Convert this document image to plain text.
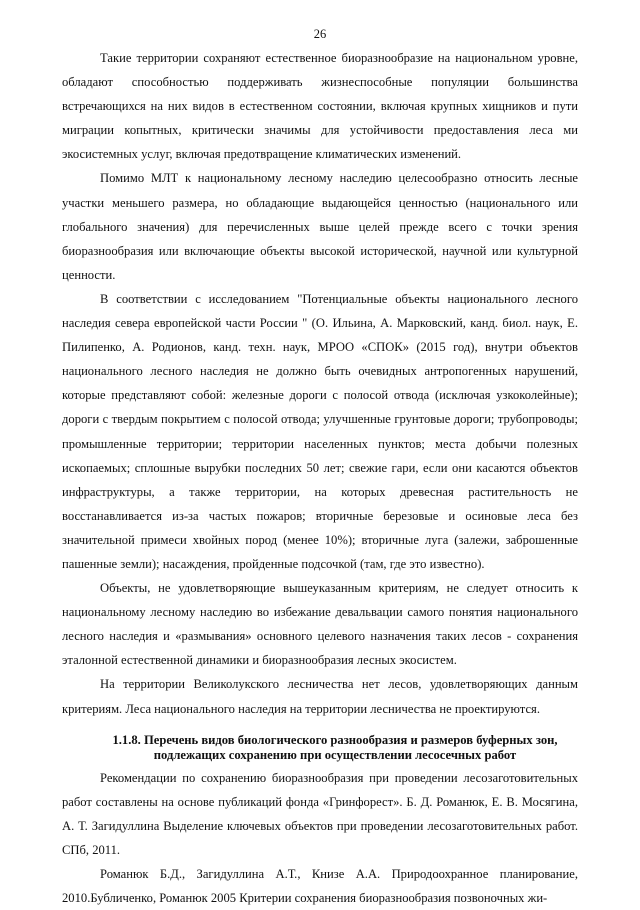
26

Такие территории сохраняют естественное биоразнообразие на национальном уровне, обладают способностью поддерживать жизнеспособные популяции большинства встречающихся на них видов в естественном состоянии, включая крупных хищников и пути миграции копытных, критически значимы для устойчивости предоставления леса ми экосистемных услуг, включая предотвращение климатических изменений.

Помимо МЛТ к национальному лесному наследию целесообразно относить лесные участки меньшего размера, но обладающие выдающейся ценностью (национального или глобального значения) для перечисленных выше целей прежде всего с точки зрения биоразнообразия или включающие объекты высокой исторической, научной или культурной ценности.

В соответствии с исследованием "Потенциальные объекты национального лесного наследия севера европейской части России " (О. Ильина, А. Марковский, канд. биол. наук, Е. Пилипенко, А. Родионов, канд. техн. наук, МРОО «СПОК» (2015 год), внутри объектов национального лесного наследия не должно быть очевидных антропогенных нарушений, которые представляют собой: железные дороги с полосой отвода (исключая узкоколейные); дороги с твердым покрытием с полосой отвода; улучшенные грунтовые дороги; трубопроводы; промышленные территории; территории населенных пунктов; места добычи полезных ископаемых; сплошные вырубки последних 50 лет; свежие гари, если они касаются объектов инфраструктуры, а также территории, на которых древесная растительность не восстанавливается из-за частых пожаров; вторичные березовые и осиновые леса без значительной примеси хвойных пород (менее 10%); вторичные луга (залежи, заброшенные пашенные земли); насаждения, пройденные подсочкой (там, где это известно).

Объекты, не удовлетворяющие вышеуказанным критериям, не следует относить к национальному лесному наследию во избежание девальвации самого понятия национального лесного наследия и «размывания» основного целевого назначения таких лесов - сохранения эталонной естественной динамики и биоразнообразия лесных экосистем.

На территории Великолукского лесничества нет лесов, удовлетворяющих данным критериям. Леса национального наследия на территории лесничества не проектируются.

1.1.8. Перечень видов биологического разнообразия и размеров буферных зон,
подлежащих сохранению при осуществлении лесосечных работ

Рекомендации по сохранению биоразнообразия при проведении лесозаготовительных работ составлены на основе публикаций фонда «Гринфорест». Б. Д. Романюк, Е. В. Мосягина, А. Т. Загидуллина Выделение ключевых объектов при проведении лесозаготовительных работ. СПб, 2011.

Романюк Б.Д., Загидуллина А.Т., Книзе А.А. Природоохранное планирование, 2010.Бубличенко, Романюк 2005 Критерии сохранения биоразнообразия позвоночных жи-
